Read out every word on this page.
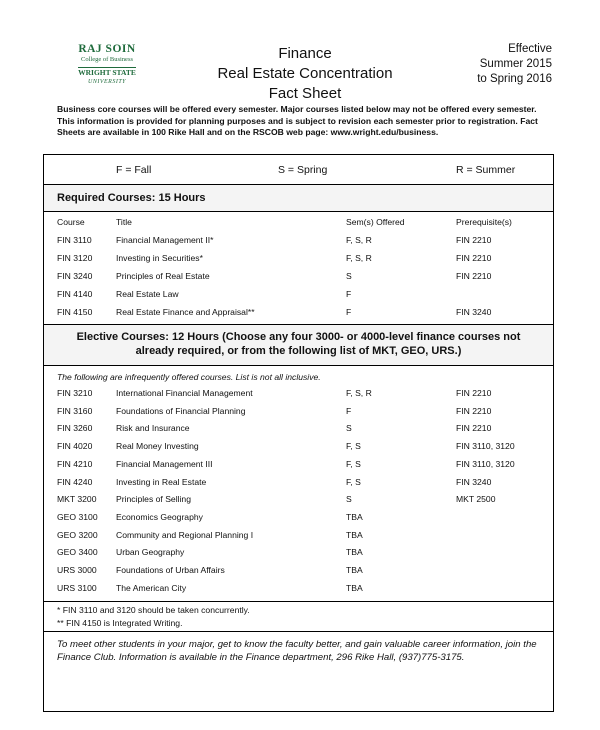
RAJ SOIN
College of Business
WRIGHT STATE
UNIVERSITY
Finance
Real Estate Concentration
Fact Sheet
Effective
Summer 2015
to Spring 2016
Business core courses will be offered every semester. Major courses listed below may not be offered every semester. This information is provided for planning purposes and is subject to revision each semester prior to registration. Fact Sheets are available in 100 Rike Hall and on the RSCOB web page: www.wright.edu/business.
F = Fall	S = Spring	R = Summer
Required Courses: 15 Hours
Course	Title	Sem(s) Offered	Prerequisite(s)
FIN 3110	Financial Management II*	F, S, R	FIN 2210
FIN 3120	Investing in Securities*	F, S, R	FIN 2210
FIN 3240	Principles of Real Estate	S	FIN 2210
FIN 4140	Real Estate Law	F
FIN 4150	Real Estate Finance and Appraisal**	F	FIN 3240
Elective Courses: 12 Hours (Choose any four 3000- or 4000-level finance courses not
already required, or from the following list of MKT, GEO, URS.)
The following are infrequently offered courses. List is not all inclusive.
FIN 3210	International Financial Management	F, S, R	FIN 2210
FIN 3160	Foundations of Financial Planning	F	FIN 2210
FIN 3260	Risk and Insurance	S	FIN 2210
FIN 4020	Real Money Investing	F, S	FIN 3110, 3120
FIN 4210	Financial Management III	F, S	FIN 3110, 3120
FIN 4240	Investing in Real Estate	F, S	FIN 3240
MKT 3200 Principles of Selling	S	MKT 2500
GEO 3100 Economics Geography	TBA
GEO 3200 Community and Regional Planning I	TBA
GEO 3400 Urban Geography	TBA
URS 3000 Foundations of Urban Affairs	TBA
URS 3100 The American City	TBA
* FIN 3110 and 3120 should be taken concurrently.
** FIN 4150 is Integrated Writing.
To meet other students in your major, get to know the faculty better, and gain valuable career information, join the Finance Club. Information is available in the Finance department, 296 Rike Hall, (937)775-3175.
